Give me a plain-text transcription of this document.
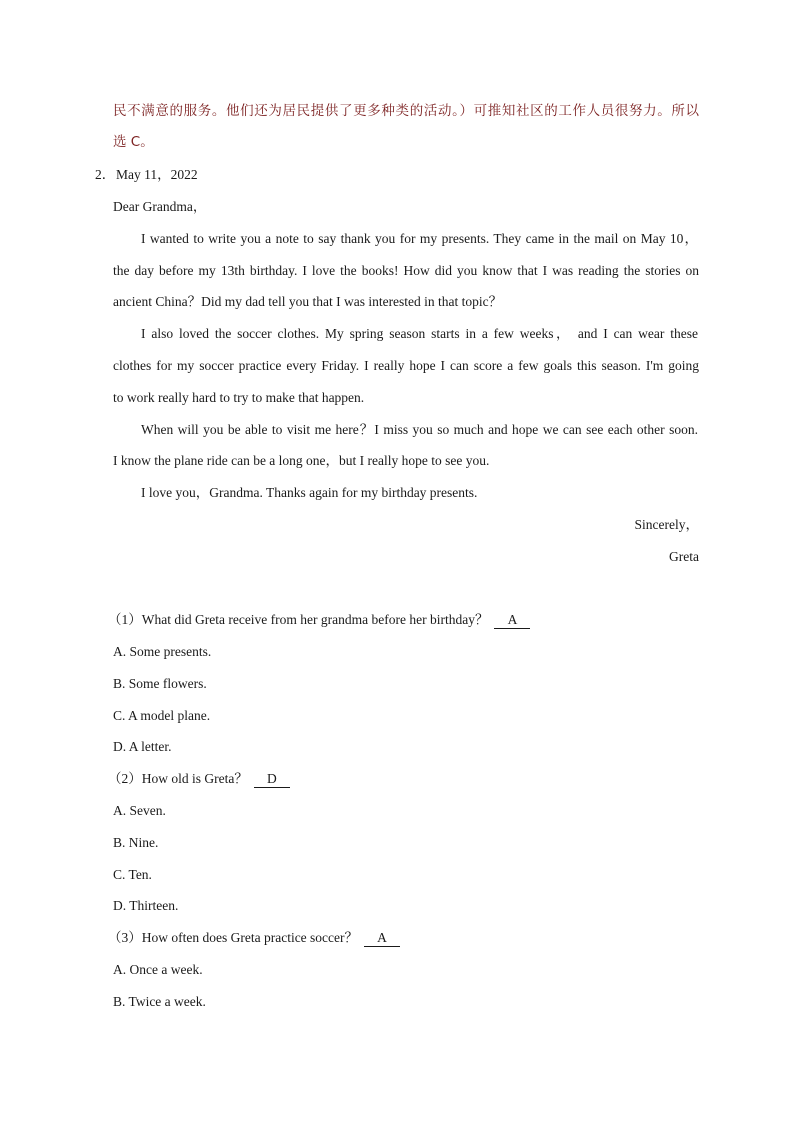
民不满意的服务。他们还为居民提供了更多种类的活动。）可推知社区的工作人员很努力。所以
选 C。
2． May 11，2022
Dear Grandma，
I wanted to write you a note to say thank you for my presents. They came in the mail on May 10，
the day before my 13th birthday. I love the books! How did you know that I was reading the stories on
ancient China？Did my dad tell you that I was interested in that topic？
I also loved the soccer clothes. My spring season starts in a few weeks， and I can wear these
clothes for my soccer practice every Friday. I really hope I can score a few goals this season. I'm going
to work really hard to try to make that happen.
When will you be able to visit me here？I miss you so much and hope we can see each other soon.
I know the plane ride can be a long one，but I really hope to see you.
I love you，Grandma. Thanks again for my birthday presents.
Sincerely，
Greta
（1）What did Greta receive from her grandma before her birthday？ A
A. Some presents.
B. Some flowers.
C. A model plane.
D. A letter.
（2）How old is Greta？ D
A. Seven.
B. Nine.
C. Ten.
D. Thirteen.
（3）How often does Greta practice soccer？ A
A. Once a week.
B. Twice a week.
